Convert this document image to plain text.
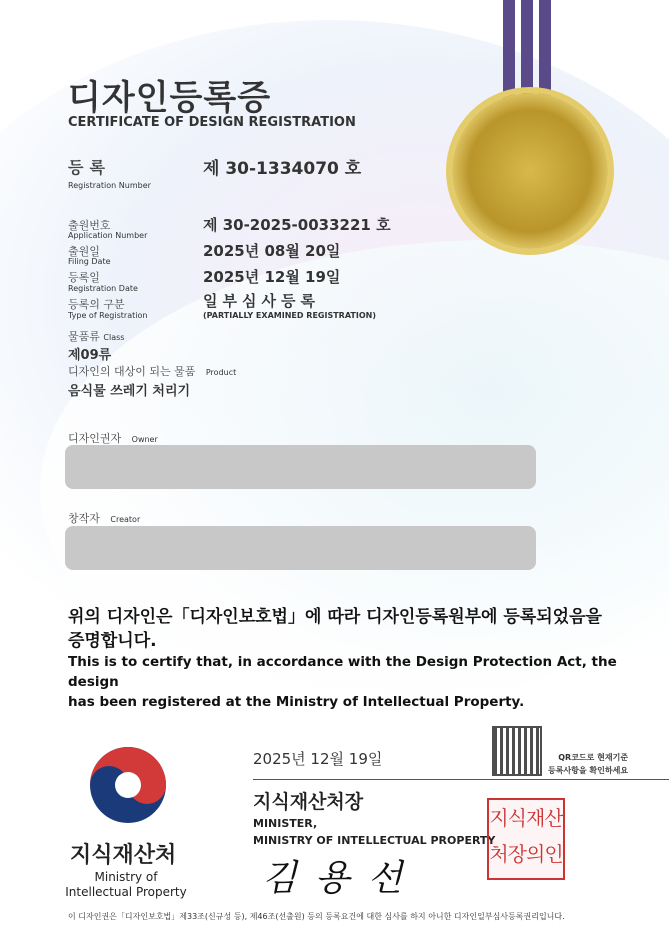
디자인등록증
CERTIFICATE OF DESIGN REGISTRATION
등록
Registration Number
제 30-1334070 호
출원번호
Application Number
제 30-2025-0033221 호
출원일
Filing Date
2025년 08월 20일
등록일
Registration Date
2025년 12월 19일
등록의 구분
Type of Registration
일부심사등록
(PARTIALLY EXAMINED REGISTRATION)
물품류 Class
제09류
디자인의 대상이 되는 물품 Product
음식물 쓰레기 처리기
디자인권자 Owner
창작자 Creator
위의 디자인은「디자인보호법」에 따라 디자인등록원부에 등록되었음을
증명합니다.
This is to certify that, in accordance with the Design Protection Act, the design
has been registered at the Ministry of Intellectual Property.
지식재산처
Ministry of
Intellectual Property
2025년 12월 19일	QR코드로 현재기준
등록사항을 확인하세요
지식재산처장
MINISTER,
MINISTRY OF INTELLECTUAL PROPERTY
지식재산
처장의인
김용선
이 디자인권은「디자인보호법」제33조(신규성 등), 제46조(선출원) 등의 등록요건에 대한 심사를 하지 아니한 디자인일부심사등록권리입니다.
